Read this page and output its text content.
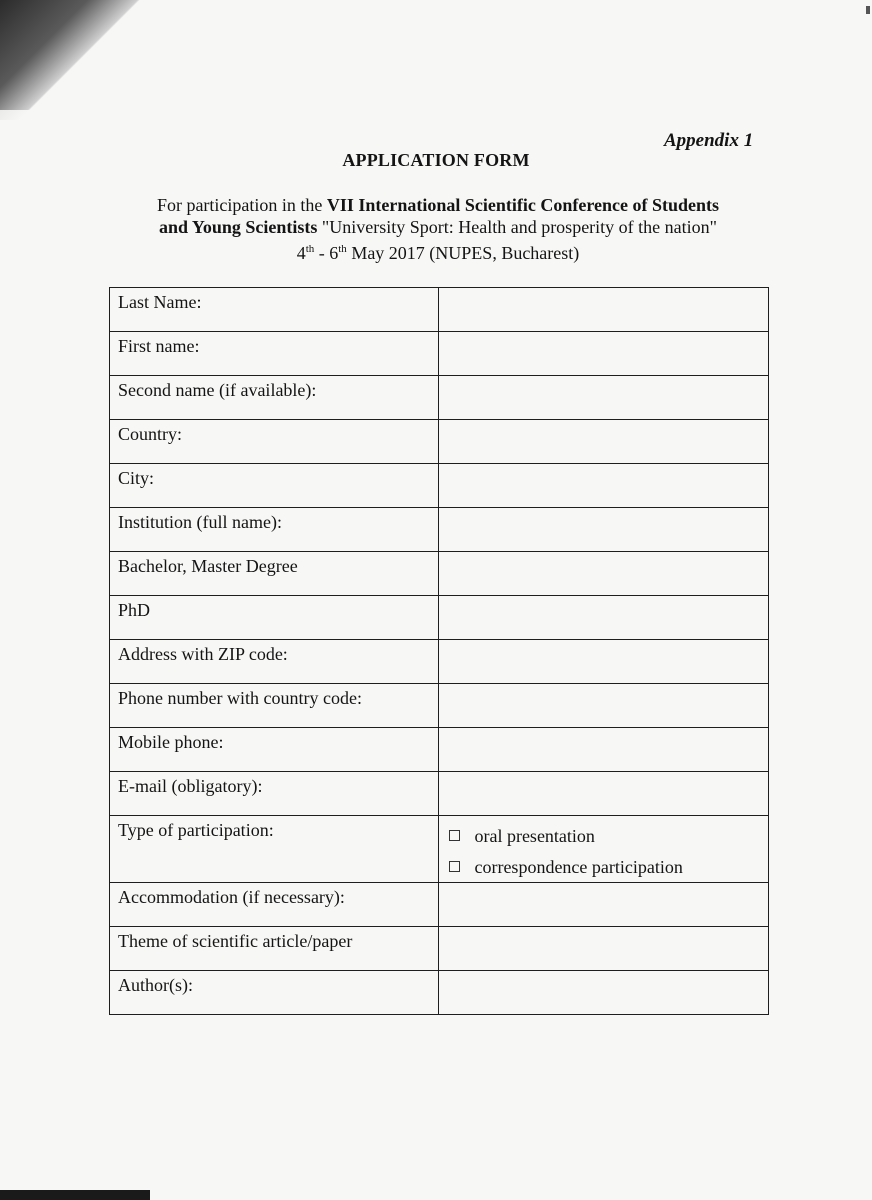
Appendix 1
APPLICATION FORM
For participation in the VII International Scientific Conference of Students
and Young Scientists "University Sport: Health and prosperity of the nation"
4th - 6th May 2017 (NUPES, Bucharest)
Last Name:	
First name:	
Second name (if available):	
Country:	
City:	
Institution (full name):	
Bachelor, Master Degree	
PhD	
Address with ZIP code:	
Phone number with country code:	
Mobile phone:	
E-mail (obligatory):	
Type of participation:	oral presentation
correspondence participation

Accommodation (if necessary):	
Theme of scientific article/paper	
Author(s):	
